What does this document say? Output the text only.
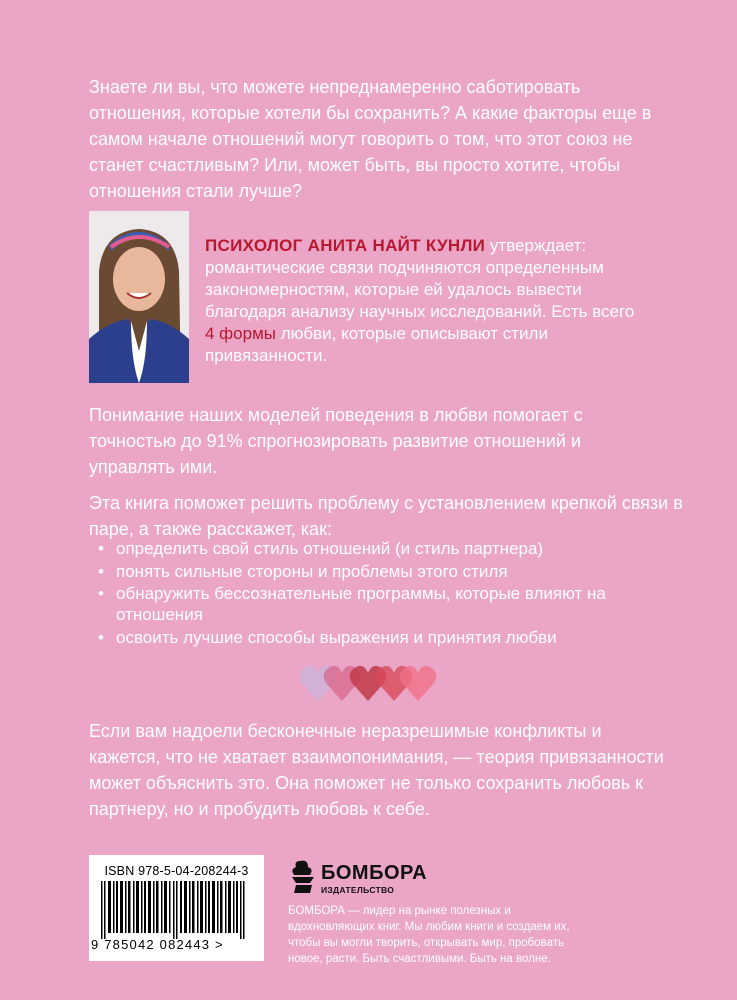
Знаете ли вы, что можете непреднамеренно саботировать отношения, которые хотели бы сохранить? А какие факторы еще в самом начале отношений могут говорить о том, что этот союз не станет счастливым? Или, может быть, вы просто хотите, чтобы отношения стали лучше?

ПСИХОЛОГ АНИТА НАЙТ КУНЛИ утверждает: романтические связи подчиняются определенным закономерностям, которые ей удалось вывести благодаря анализу научных исследований. Есть всего 4 формы любви, которые описывают стили привязанности.

Понимание наших моделей поведения в любви помогает с точностью до 91% спрогнозировать развитие отношений и управлять ими.

Эта книга поможет решить проблему с установлением крепкой связи в паре, а также расскажет, как:

• определить свой стиль отношений (и стиль партнера)
• понять сильные стороны и проблемы этого стиля
• обнаружить бессознательные программы, которые влияют на отношения
• освоить лучшие способы выражения и принятия любви

Если вам надоели бесконечные неразрешимые конфликты и кажется, что не хватает взаимопонимания, — теория привязанности может объяснить это. Она поможет не только сохранить любовь к партнеру, но и пробудить любовь к себе.

ISBN 978-5-04-208244-3
9 785042 082443 >
БОМБОРА
ИЗДАТЕЛЬСТВО
БОМБОРА — лидер на рынке полезных и вдохновляющих книг. Мы любим книги и создаем их, чтобы вы могли творить, открывать мир, пробовать новое, расти. Быть счастливыми. Быть на волне.
